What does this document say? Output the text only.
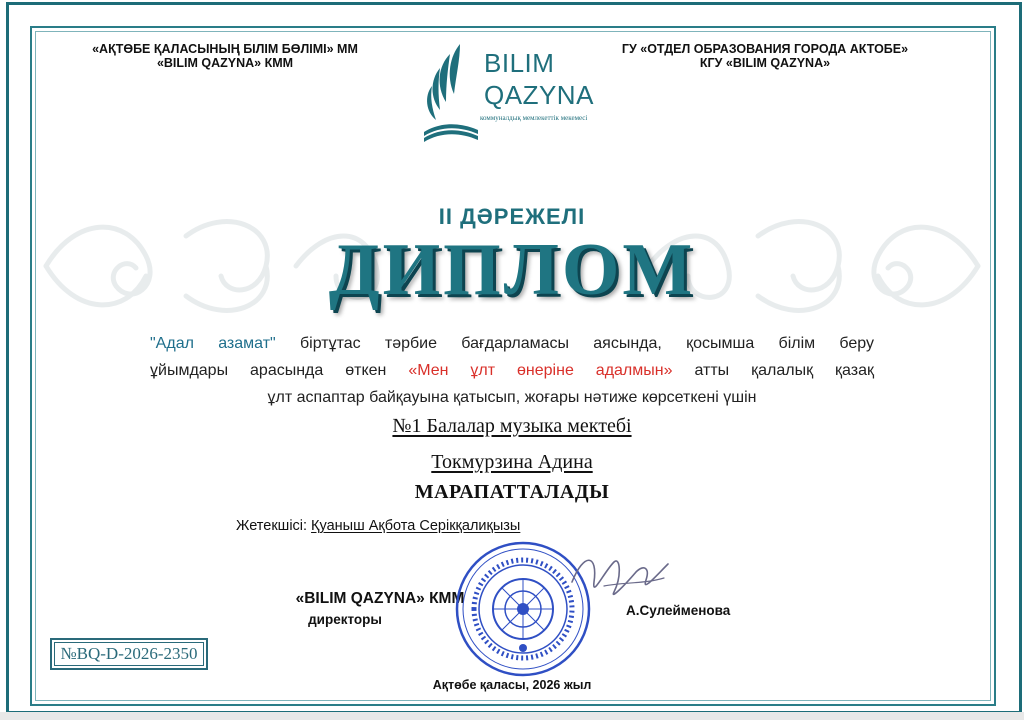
«АҚТӨБЕ ҚАЛАСЫНЫҢ БІЛІМ БӨЛІМІ» ММ
«BILIM QAZYNA» КММ
ГУ «ОТДЕЛ ОБРАЗОВАНИЯ ГОРОДА АКТОБЕ»
КГУ «BILIM QAZYNA»
BILIM
QAZYNA
коммуналдық мемлекеттік мекемесі
II ДӘРЕЖЕЛІ
ДИПЛОМ
"Адал азамат" біртұтас тәрбие бағдарламасы аясында, қосымша білім беру
ұйымдары арасында өткен «Мен ұлт өнеріне адалмын» атты қалалық қазақ
ұлт аспаптар байқауына қатысып, жоғары нәтиже көрсеткені үшін
№1 Балалар музыка мектебі
Токмурзина Адина
МАРАПАТТАЛАДЫ
Жетекшісі: Қуаныш Ақбота Серікқалиқызы
«BILIM QAZYNA» КММ
директоры
А.Сулейменова
Ақтөбе қаласы, 2026 жыл
№BQ-D-2026-2350
